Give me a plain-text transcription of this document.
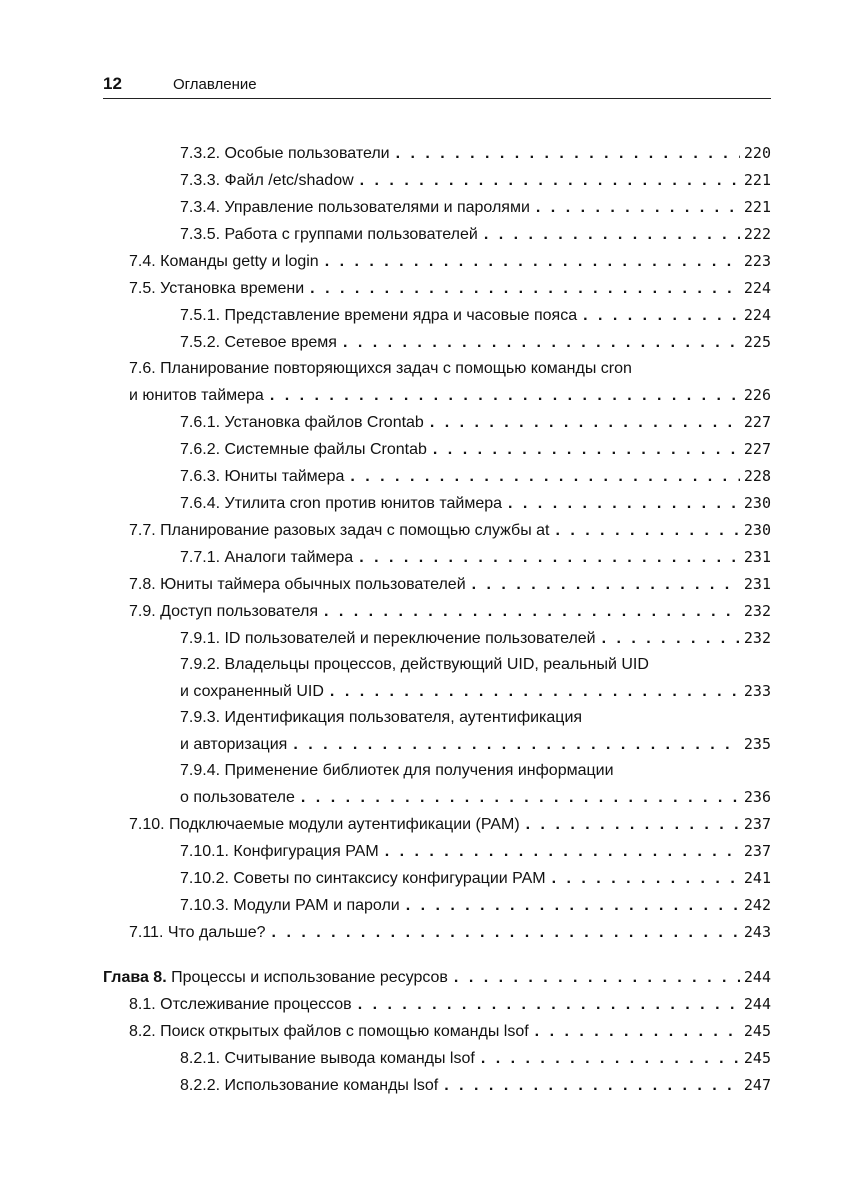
12	Оглавление
7.3.2. Особые пользователи . . .	220
7.3.3. Файл /etc/shadow . . .	221
7.3.4. Управление пользователями и паролями . . .	221
7.3.5. Работа с группами пользователей . . .	222
7.4. Команды getty и login . . .	223
7.5. Установка времени . . .	224
7.5.1. Представление времени ядра и часовые пояса . . .	224
7.5.2. Сетевое время . . .	225
7.6. Планирование повторяющихся задач с помощью команды cron
и юнитов таймера . . .	226
7.6.1. Установка файлов Crontab . . .	227
7.6.2. Системные файлы Crontab . . .	227
7.6.3. Юниты таймера . . .	228
7.6.4. Утилита cron против юнитов таймера . . .	230
7.7. Планирование разовых задач с помощью службы at . . .	230
7.7.1. Аналоги таймера . . .	231
7.8. Юниты таймера обычных пользователей . . .	231
7.9. Доступ пользователя . . .	232
7.9.1. ID пользователей и переключение пользователей . . .	232
7.9.2. Владельцы процессов, действующий UID, реальный UID
и сохраненный UID . . .	233
7.9.3. Идентификация пользователя, аутентификация
и авторизация . . .	235
7.9.4. Применение библиотек для получения информации
о пользователе . . .	236
7.10. Подключаемые модули аутентификации (PAM) . . .	237
7.10.1. Конфигурация PAM . . .	237
7.10.2. Советы по синтаксису конфигурации PAM . . .	241
7.10.3. Модули PAM и пароли . . .	242
7.11. Что дальше? . . .	243
Глава 8. Процессы и использование ресурсов . . .	244
8.1. Отслеживание процессов . . .	244
8.2. Поиск открытых файлов с помощью команды lsof . . .	245
8.2.1. Считывание вывода команды lsof . . .	245
8.2.2. Использование команды lsof . . .	247
